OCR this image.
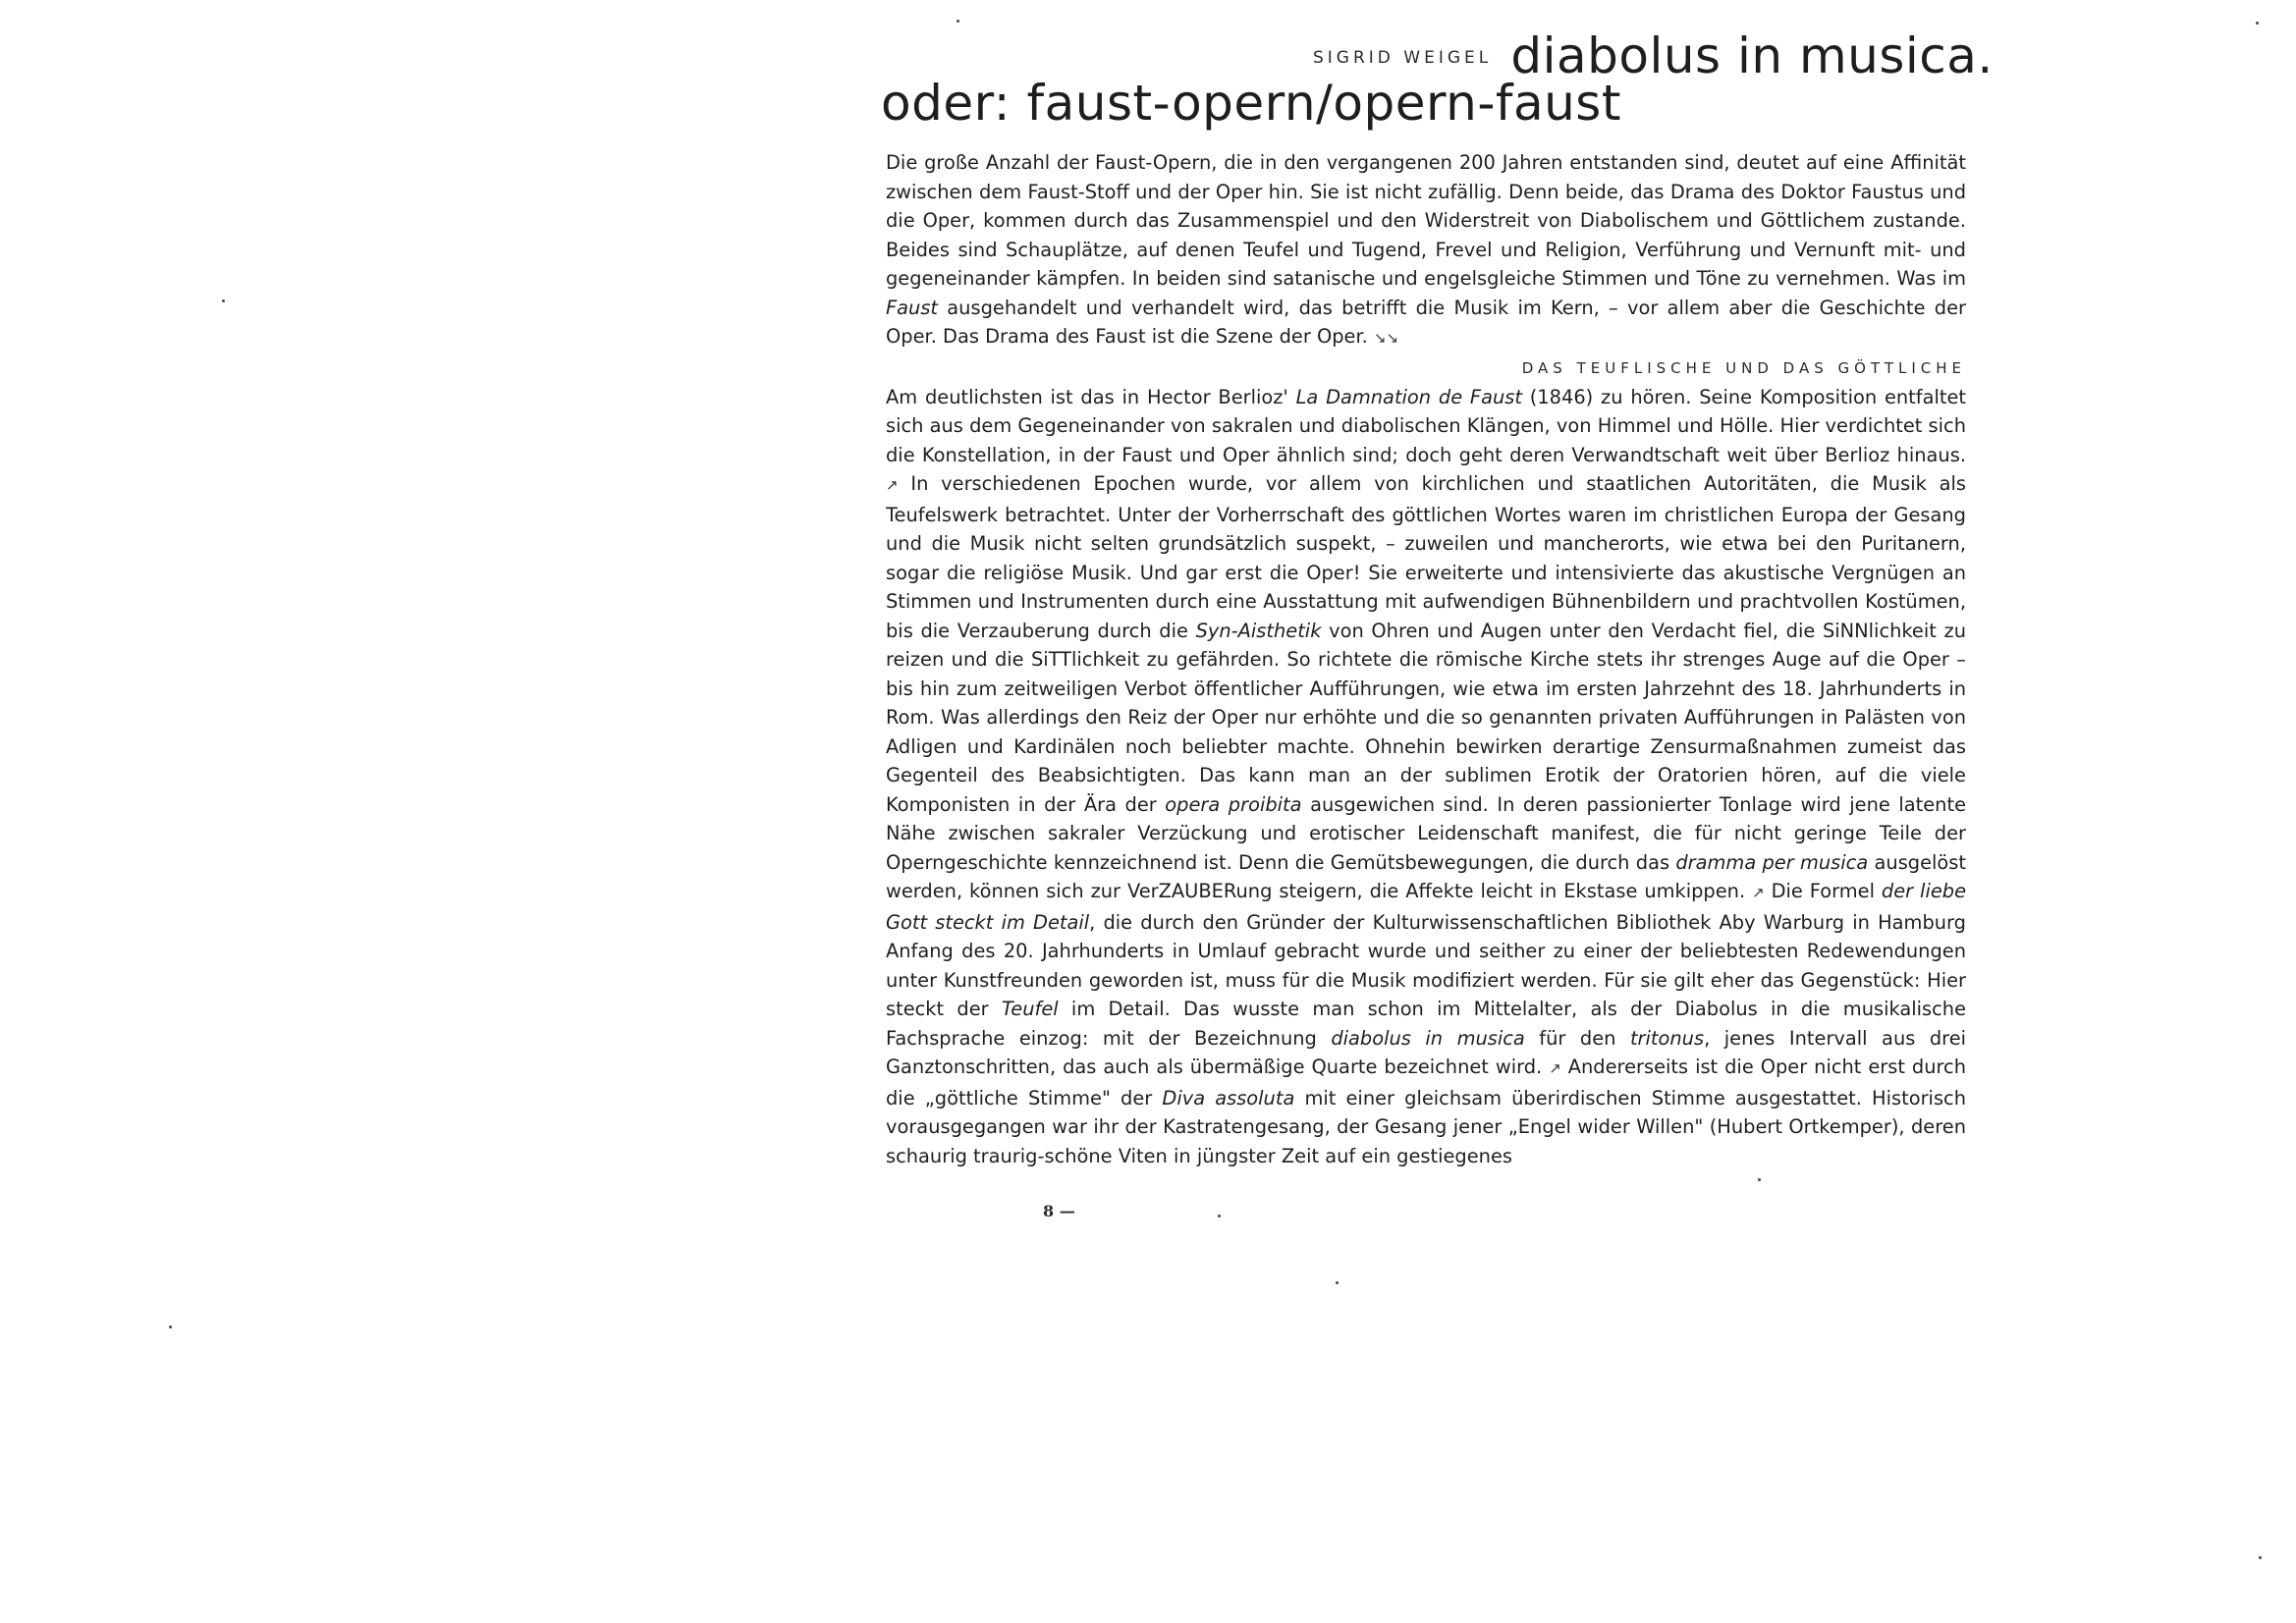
SIGRID WEIGEL diabolus in musica.
oder: faust-opern/opern-faust

Die große Anzahl der Faust-Opern, die in den vergangenen 200 Jahren entstanden sind, deutet auf eine Affinität zwischen dem Faust-Stoff und der Oper hin. Sie ist nicht zufällig. Denn beide, das Drama des Doktor Faustus und die Oper, kommen durch das Zusammenspiel und den Widerstreit von Diabolischem und Göttlichem zustande. Beides sind Schauplätze, auf denen Teufel und Tugend, Frevel und Religion, Verführung und Vernunft mit- und gegeneinander kämpfen. In beiden sind satanische und engelsgleiche Stimmen und Töne zu vernehmen. Was im Faust ausgehandelt und verhandelt wird, das betrifft die Musik im Kern, – vor allem aber die Geschichte der Oper. Das Drama des Faust ist die Szene der Oper. ↘↘

DAS TEUFLISCHE UND DAS GÖTTLICHE

Am deutlichsten ist das in Hector Berlioz' La Damnation de Faust (1846) zu hören. Seine Komposition entfaltet sich aus dem Gegeneinander von sakralen und diabolischen Klängen, von Himmel und Hölle. Hier verdichtet sich die Konstellation, in der Faust und Oper ähnlich sind; doch geht deren Verwandtschaft weit über Berlioz hinaus. ↗ In verschiedenen Epochen wurde, vor allem von kirchlichen und staatlichen Autoritäten, die Musik als Teufelswerk betrachtet. Unter der Vorherrschaft des göttlichen Wortes waren im christlichen Europa der Gesang und die Musik nicht selten grundsätzlich suspekt, – zuweilen und mancherorts, wie etwa bei den Puritanern, sogar die religiöse Musik. Und gar erst die Oper! Sie erweiterte und intensivierte das akustische Vergnügen an Stimmen und Instrumenten durch eine Ausstattung mit aufwendigen Bühnenbildern und prachtvollen Kostümen, bis die Verzauberung durch die Syn-Aisthetik von Ohren und Augen unter den Verdacht fiel, die SiNNlichkeit zu reizen und die SiTTlichkeit zu gefährden. So richtete die römische Kirche stets ihr strenges Auge auf die Oper – bis hin zum zeitweiligen Verbot öffentlicher Aufführungen, wie etwa im ersten Jahrzehnt des 18. Jahrhunderts in Rom. Was allerdings den Reiz der Oper nur erhöhte und die so genannten privaten Aufführungen in Palästen von Adligen und Kardinälen noch beliebter machte. Ohnehin bewirken derartige Zensurmaßnahmen zumeist das Gegenteil des Beabsichtigten. Das kann man an der sublimen Erotik der Oratorien hören, auf die viele Komponisten in der Ära der opera proibita ausgewichen sind. In deren passionierter Tonlage wird jene latente Nähe zwischen sakraler Verzückung und erotischer Leidenschaft manifest, die für nicht geringe Teile der Operngeschichte kennzeichnend ist. Denn die Gemütsbewegungen, die durch das dramma per musica ausgelöst werden, können sich zur VerZAUBERung steigern, die Affekte leicht in Ekstase umkippen. ↗ Die Formel der liebe Gott steckt im Detail, die durch den Gründer der Kulturwissenschaftlichen Bibliothek Aby Warburg in Hamburg Anfang des 20. Jahrhunderts in Umlauf gebracht wurde und seither zu einer der beliebtesten Redewendungen unter Kunstfreunden geworden ist, muss für die Musik modifiziert werden. Für sie gilt eher das Gegenstück: Hier steckt der Teufel im Detail. Das wusste man schon im Mittelalter, als der Diabolus in die musikalische Fachsprache einzog: mit der Bezeichnung diabolus in musica für den tritonus, jenes Intervall aus drei Ganztonschritten, das auch als übermäßige Quarte bezeichnet wird. ↗ Andererseits ist die Oper nicht erst durch die „göttliche Stimme" der Diva assoluta mit einer gleichsam überirdischen Stimme ausgestattet. Historisch vorausgegangen war ihr der Kastratengesang, der Gesang jener „Engel wider Willen" (Hubert Ortkemper), deren schaurig traurig-schöne Viten in jüngster Zeit auf ein gestiegenes

8 —
